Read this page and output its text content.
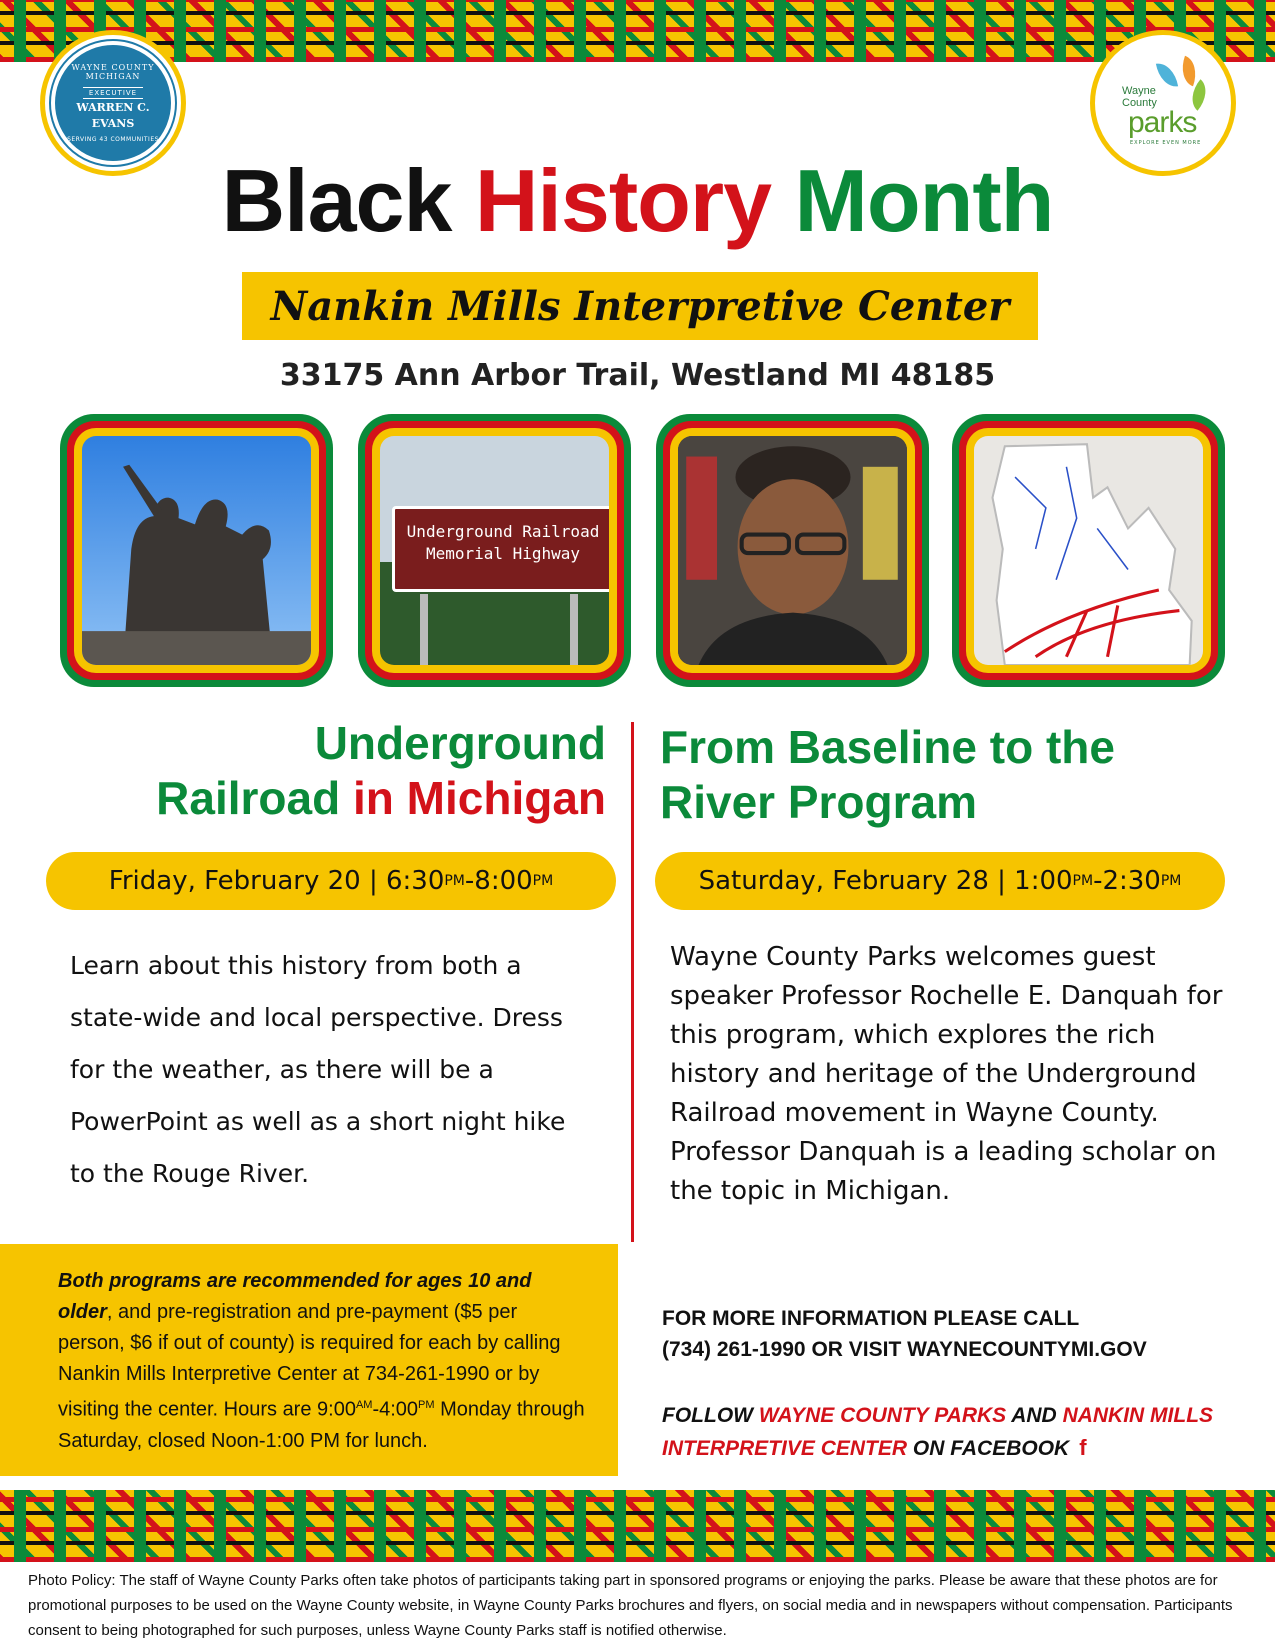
WAYNE COUNTY MICHIGAN
EXECUTIVE
WARREN C.
EVANS
SERVING 43 COMMUNITIES
Wayne
County
parks
EXPLORE EVEN MORE
Black History Month
Nankin Mills Interpretive Center
33175 Ann Arbor Trail, Westland MI 48185
Underground Railroad
Memorial Highway
Underground
Railroad in Michigan
From Baseline to the
River Program
Friday, February 20 | 6:30 PM -8:00 PM	Saturday, February 28 | 1:00 PM -2:30 PM
Learn about this history from both a state-wide and local perspective. Dress for the weather, as there will be a PowerPoint as well as a short night hike to the Rouge River.
Wayne County Parks welcomes guest speaker Professor Rochelle E. Danquah for this program, which explores the rich history and heritage of the Underground Railroad movement in Wayne County. Professor Danquah is a leading scholar on the topic in Michigan.
Both programs are recommended for ages 10 and older, and pre-registration and pre-payment ($5 per person, $6 if out of county) is required for each by calling Nankin Mills Interpretive Center at 734-261-1990 or by visiting the center. Hours are $9:00^{AM}-4:00^{PM}$ Monday through Saturday, closed Noon-1:00 PM for lunch.
FOR MORE INFORMATION PLEASE CALL
(734) 261-1990 OR VISIT WAYNECOUNTYMI.GOV
FOLLOW WAYNE COUNTY PARKS AND NANKIN MILLS INTERPRETIVE CENTER ON FACEBOOK f
Photo Policy: The staff of Wayne County Parks often take photos of participants taking part in sponsored programs or enjoying the parks. Please be aware that these photos are for promotional purposes to be used on the Wayne County website, in Wayne County Parks brochures and flyers, on social media and in newspapers without compensation. Participants consent to being photographed for such purposes, unless Wayne County Parks staff is notified otherwise.
